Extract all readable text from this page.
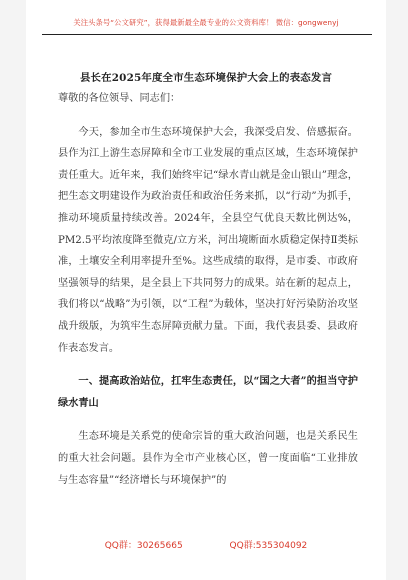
关注头条号“公文研究”，获得最新最全最专业的公文资料库！ 微信：gongwenyj
县长在2025年度全市生态环境保护大会上的表态发言

尊敬的各位领导、同志们：

今天，参加全市生态环境保护大会，我深受启发、倍感振奋。县作为江上游生态屏障和全市工业发展的重点区域，生态环境保护责任重大。近年来，我们始终牢记“绿水青山就是金山银山”理念，把生态文明建设作为政治责任和政治任务来抓，以“行动”为抓手，推动环境质量持续改善。2024年，全县空气优良天数比例达%，PM2.5平均浓度降至微克/立方米，河出境断面水质稳定保持Ⅱ类标准，土壤安全利用率提升至%。这些成绩的取得，是市委、市政府坚强领导的结果，是全县上下共同努力的成果。站在新的起点上，我们将以“战略”为引领，以“工程”为载体，坚决打好污染防治攻坚战升级版，为筑牢生态屏障贡献力量。下面，我代表县委、县政府作表态发言。

一、提高政治站位，扛牢生态责任，以“国之大者”的担当守护绿水青山

生态环境是关系党的使命宗旨的重大政治问题，也是关系民生的重大社会问题。县作为全市产业核心区，曾一度面临“工业排放与生态容量”“经济增长与环境保护”的

QQ群：30265665	QQ群:535304092
